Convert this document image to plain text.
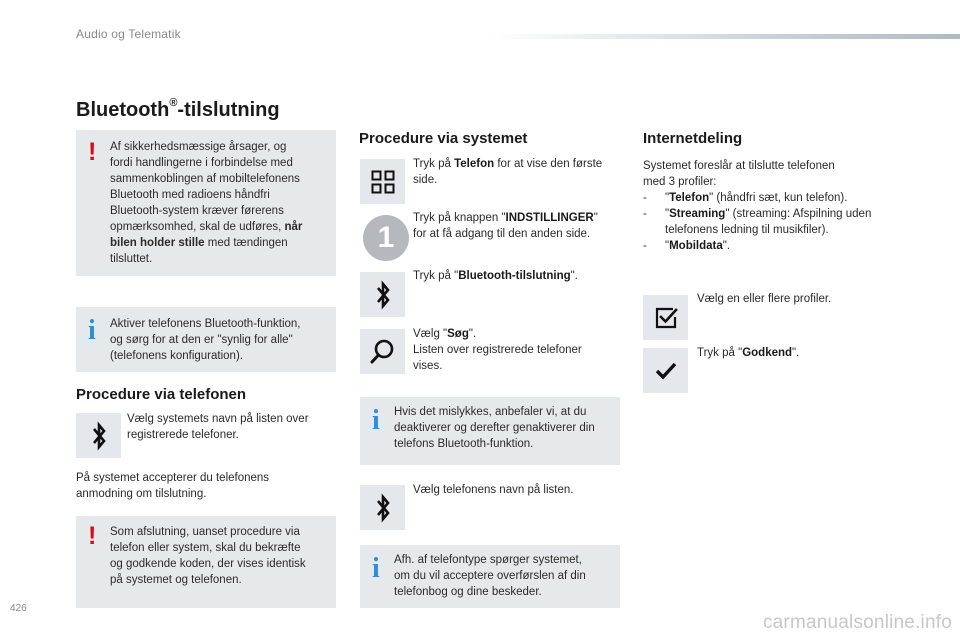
Audio og Telematik
Bluetooth®-tilslutning
! Af sikkerhedsmæssige årsager, og
fordi handlingerne i forbindelse med
sammenkoblingen af mobiltelefonens
Bluetooth med radioens håndfri
Bluetooth-system kræver førerens
opmærksomhed, skal de udføres, når
bilen holder stille med tændingen
tilsluttet.
i Aktiver telefonens Bluetooth-funktion,
og sørg for at den er "synlig for alle"
(telefonens konfiguration).
Procedure via telefonen
Vælg systemets navn på listen over
registrerede telefoner.
På systemet accepterer du telefonens
anmodning om tilslutning.
! Som afslutning, uanset procedure via
telefon eller system, skal du bekræfte
og godkende koden, der vises identisk
på systemet og telefonen.
Procedure via systemet
Tryk på Telefon for at vise den første
side.
1
Tryk på knappen "INDSTILLINGER"
for at få adgang til den anden side.
Tryk på "Bluetooth-tilslutning".
Vælg "Søg".
Listen over registrerede telefoner
vises.
i Hvis det mislykkes, anbefaler vi, at du
deaktiverer og derefter genaktiverer din
telefons Bluetooth-funktion.
Vælg telefonens navn på listen.
i Afh. af telefontype spørger systemet,
om du vil acceptere overførslen af din
telefonbog og dine beskeder.
Internetdeling
Systemet foreslår at tilslutte telefonen
med 3 profiler:
- "Telefon" (håndfri sæt, kun telefon).
- "Streaming" (streaming: Afspilning uden
telefonens ledning til musikfiler).
- "Mobildata".
Vælg en eller flere profiler.
Tryk på "Godkend".
426
carmanualsonline.info
